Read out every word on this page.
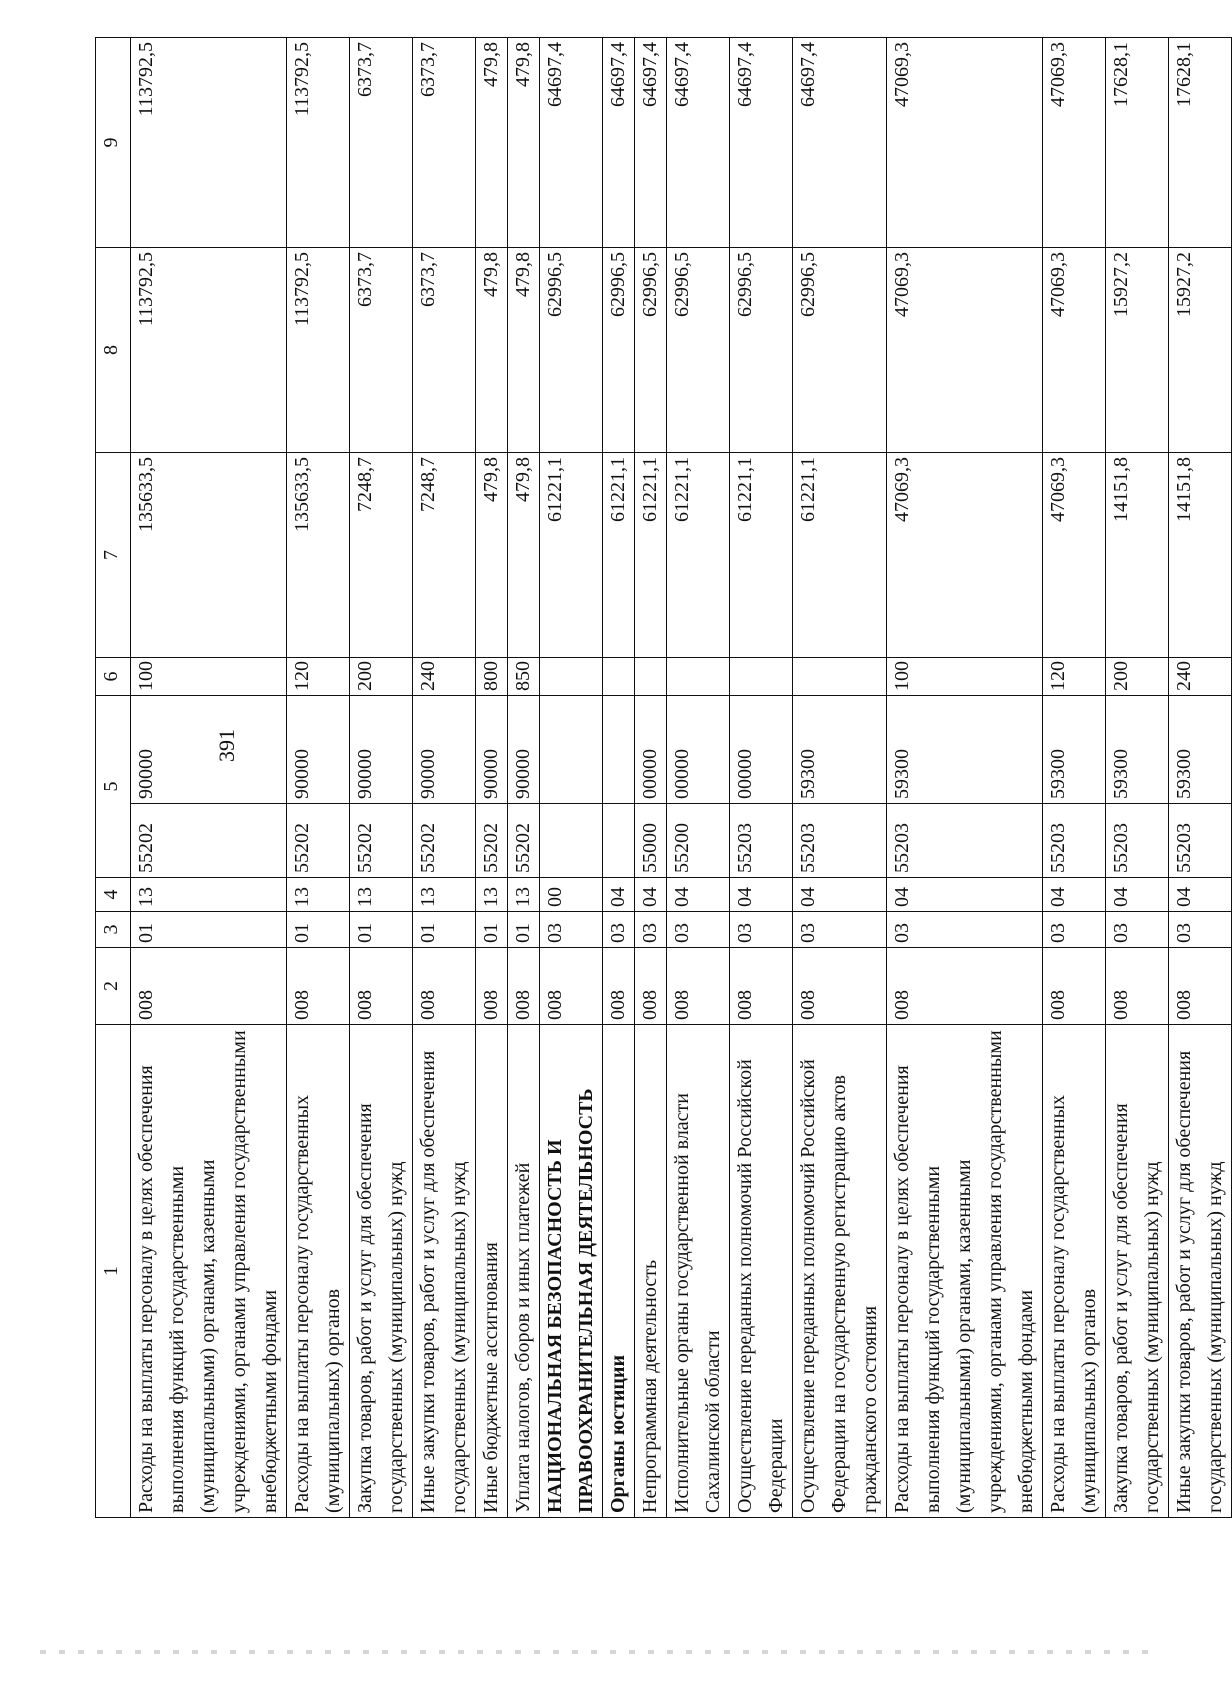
391
1	2	3	4	5		6	7	8	9
Расходы на выплаты персоналу в целях обеспечения выполнения функций государственными (муниципальными) органами, казенными учреждениями, органами управления государственными внебюджетными фондами	008	01	13	55202	90000	100	135633,5	113792,5	113792,5
Расходы на выплаты персоналу государственных (муниципальных) органов	008	01	13	55202	90000	120	135633,5	113792,5	113792,5
Закупка товаров, работ и услуг для обеспечения государственных (муниципальных) нужд	008	01	13	55202	90000	200	7248,7	6373,7	6373,7
Иные закупки товаров, работ и услуг для обеспечения государственных (муниципальных) нужд	008	01	13	55202	90000	240	7248,7	6373,7	6373,7
Иные бюджетные ассигнования	008	01	13	55202	90000	800	479,8	479,8	479,8
Уплата налогов, сборов и иных платежей	008	01	13	55202	90000	850	479,8	479,8	479,8
НАЦИОНАЛЬНАЯ БЕЗОПАСНОСТЬ И ПРАВООХРАНИТЕЛЬНАЯ ДЕЯТЕЛЬНОСТЬ	008	03	00				61221,1	62996,5	64697,4
Органы юстиции	008	03	04				61221,1	62996,5	64697,4
Непрограммная деятельность	008	03	04	55000	00000		61221,1	62996,5	64697,4
Исполнительные органы государственной власти Сахалинской области	008	03	04	55200	00000		61221,1	62996,5	64697,4
Осуществление переданных полномочий Российской Федерации	008	03	04	55203	00000		61221,1	62996,5	64697,4
Осуществление переданных полномочий Российской Федерации на государственную регистрацию актов гражданского состояния	008	03	04	55203	59300		61221,1	62996,5	64697,4
Расходы на выплаты персоналу в целях обеспечения выполнения функций государственными (муниципальными) органами, казенными учреждениями, органами управления государственными внебюджетными фондами	008	03	04	55203	59300	100	47069,3	47069,3	47069,3
Расходы на выплаты персоналу государственных (муниципальных) органов	008	03	04	55203	59300	120	47069,3	47069,3	47069,3
Закупка товаров, работ и услуг для обеспечения государственных (муниципальных) нужд	008	03	04	55203	59300	200	14151,8	15927,2	17628,1
Иные закупки товаров, работ и услуг для обеспечения государственных (муниципальных) нужд	008	03	04	55203	59300	240	14151,8	15927,2	17628,1
